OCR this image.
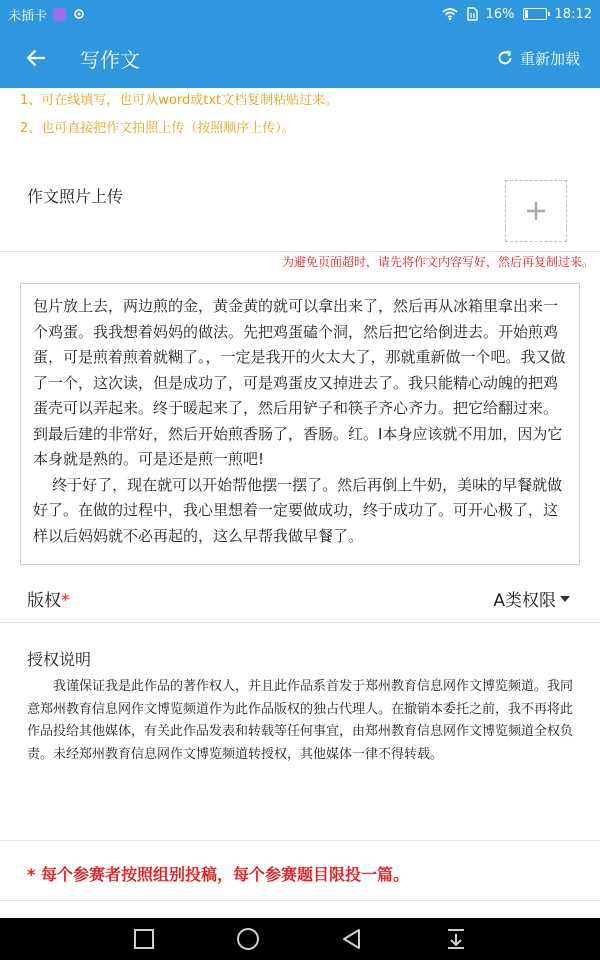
未插卡	16%	18:12
写作文	重新加载
1、可在线填写，也可从word或txt文档复制粘贴过来。
2、也可直接把作文拍照上传（按照顺序上传）。
作文照片上传
为避免页面超时，请先将作文内容写好，然后再复制过来。
包片放上去，两边煎的金，黄金黄的就可以拿出来了，然后再从冰箱里拿出来一个鸡蛋。我我想着妈妈的做法。先把鸡蛋磕个洞，然后把它给倒进去。开始煎鸡蛋，可是煎着煎着就糊了。，一定是我开的火太大了，那就重新做一个吧。我又做了一个，这次读，但是成功了，可是鸡蛋皮又掉进去了。我只能精心动魄的把鸡蛋壳可以弄起来。终于暖起来了，然后用铲子和筷子齐心齐力。把它给翻过来。到最后建的非常好，然后开始煎香肠了，香肠。红。I本身应该就不用加，因为它本身就是熟的。可是还是煎一煎吧!
终于好了，现在就可以开始帮他摆一摆了。然后再倒上牛奶，美味的早餐就做好了。在做的过程中，我心里想着一定要做成功，终于成功了。可开心极了，这样以后妈妈就不必再起的，这么早帮我做早餐了。
版权*	A类权限
授权说明
我谨保证我是此作品的著作权人，并且此作品系首发于郑州教育信息网作文博览频道。我同意郑州教育信息网作文博览频道作为此作品版权的独占代理人。在撤销本委托之前，我不再将此作品投给其他媒体，有关此作品发表和转载等任何事宜，由郑州教育信息网作文博览频道全权负责。未经郑州教育信息网作文博览频道转授权，其他媒体一律不得转载。
* 每个参赛者按照组别投稿，每个参赛题目限投一篇。
